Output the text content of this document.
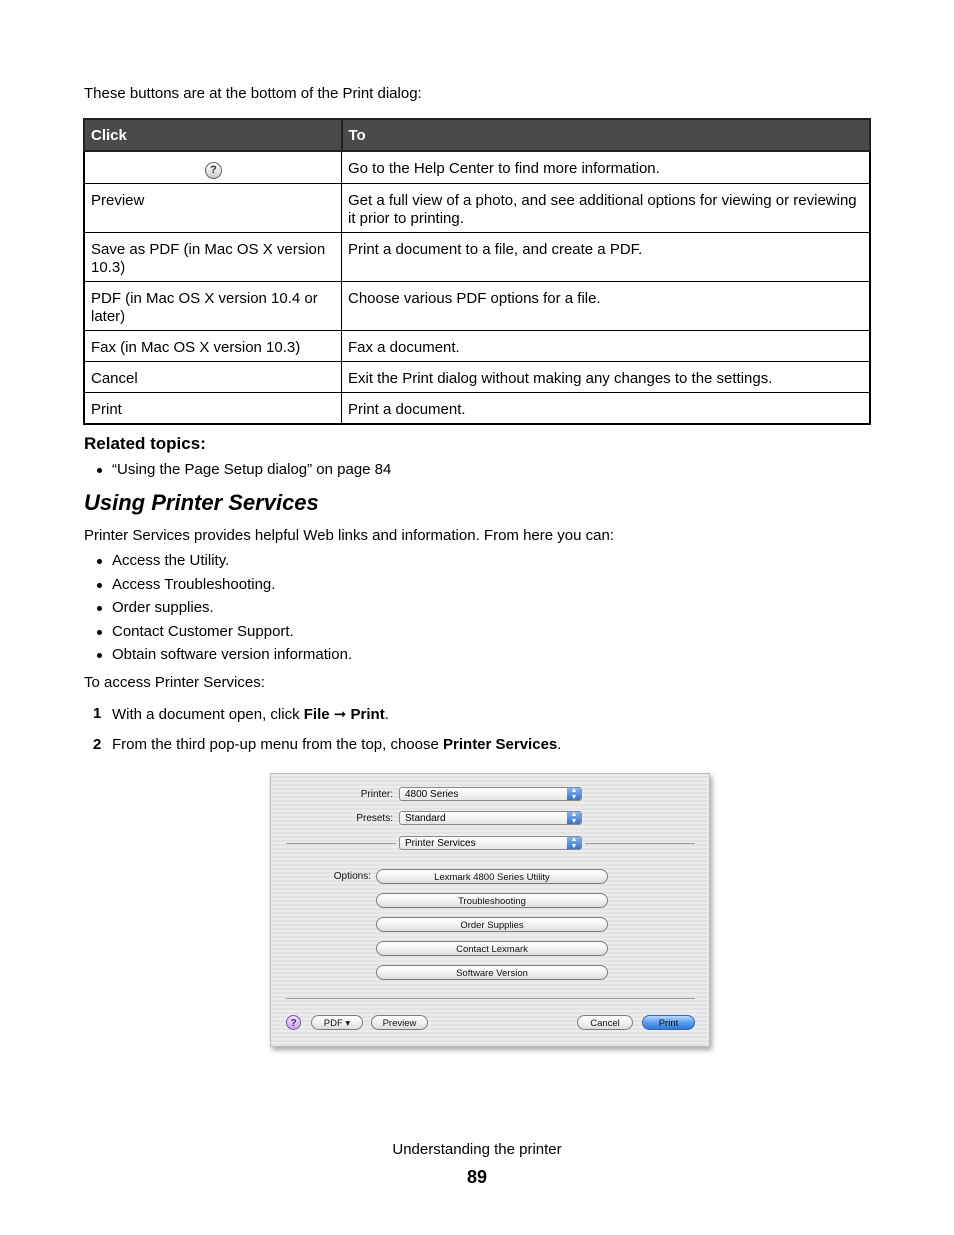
These buttons are at the bottom of the Print dialog:
Click	To
?	Go to the Help Center to find more information.
Preview	Get a full view of a photo, and see additional options for viewing or reviewing it prior to printing.
Save as PDF (in Mac OS X version 10.3)	Print a document to a file, and create a PDF.
PDF (in Mac OS X version 10.4 or later)	Choose various PDF options for a file.
Fax (in Mac OS X version 10.3)	Fax a document.
Cancel	Exit the Print dialog without making any changes to the settings.
Print	Print a document.
Related topics:
“Using the Page Setup dialog” on page 84
Using Printer Services
Printer Services provides helpful Web links and information. From here you can:
Access the Utility.
Access Troubleshooting.
Order supplies.
Contact Customer Support.
Obtain software version information.
To access Printer Services:
1 With a document open, click File ➞ Print.
2 From the third pop-up menu from the top, choose Printer Services.
Printer:	4800 Series	▲
▼
Presets:	Standard	▲
▼
Printer Services	▲
▼
Options:	Lexmark 4800 Series Utility
Troubleshooting
Order Supplies
Contact Lexmark
Software Version
?	PDF ▾	Preview	Cancel	Print
Understanding the printer
89
